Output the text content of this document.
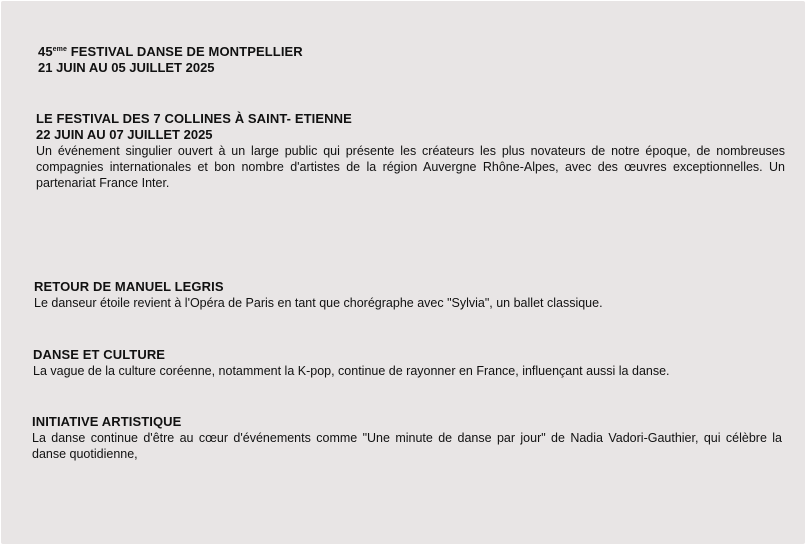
45eme FESTIVAL DANSE DE MONTPELLIER

21 JUIN AU 05 JUILLET 2025

LE FESTIVAL DES 7 COLLINES À SAINT- ETIENNE

22 JUIN AU 07 JUILLET 2025

Un événement singulier ouvert à un large public qui présente les créateurs les plus novateurs de notre époque, de nombreuses compagnies internationales et bon nombre d'artistes de la région Auvergne Rhône-Alpes, avec des œuvres exceptionnelles. Un partenariat France Inter.

RETOUR DE MANUEL LEGRIS

Le danseur étoile revient à l'Opéra de Paris en tant que chorégraphe avec "Sylvia", un ballet classique.

DANSE ET CULTURE

La vague de la culture coréenne, notamment la K-pop, continue de rayonner en France, influençant aussi la danse.

INITIATIVE ARTISTIQUE

La danse continue d'être au cœur d'événements comme "Une minute de danse par jour" de Nadia Vadori-Gauthier, qui célèbre la danse quotidienne,
